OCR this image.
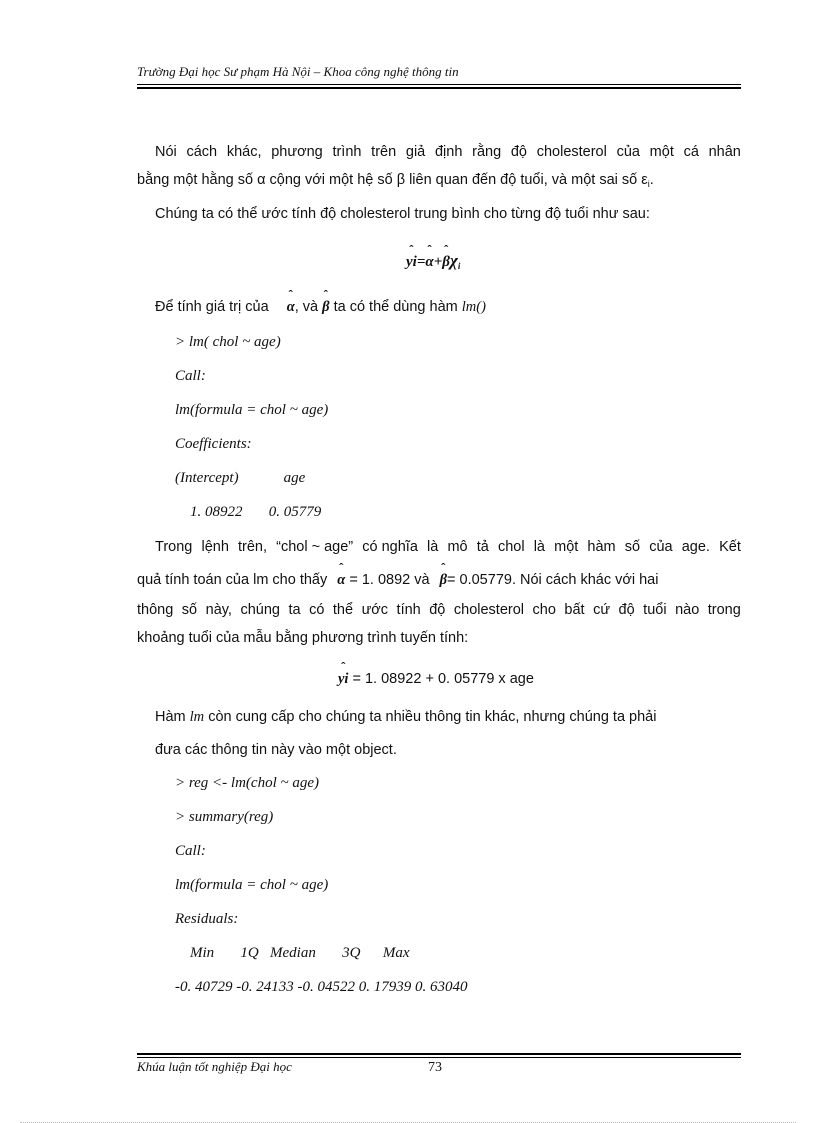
Trường Đại học Sư phạm Hà Nội – Khoa công nghệ thông tin
Nói cách khác, phương trình trên giả định rằng độ cholesterol của một cá nhân
bằng một hằng số α cộng với một hệ số β liên quan đến độ tuổi, và một sai số $\varepsilon_i$.
Chúng ta có thể ước tính độ cholesterol trung bình cho từng độ tuổi như sau:
ˆ yi=ˆ α+ˆ $\beta\chi_i$
Để tính giá trị của ˆ α, và ˆ β ta có thể dùng hàm lm()
> lm( chol ~ age)
Call:
lm(formula = chol ~ age)
Coefficients:
(Intercept)            age
1. 08922       0. 05779
Trong lệnh trên, “chol ~ age” có nghĩa là mô tả chol là một hàm số của age. Kết
quả tính toán của lm cho thấy ˆ α = 1. 0892 và ˆ β= 0.05779. Nói cách khác với hai
thông số này, chúng ta có thể ước tính độ cholesterol cho bất cứ độ tuổi nào trong
khoảng tuổi của mẫu bằng phương trình tuyến tính:
ˆ yi = 1. 08922 + 0. 05779 x age
Hàm lm còn cung cấp cho chúng ta nhiều thông tin khác, nhưng chúng ta phải
đưa các thông tin này vào một object.
> reg <- lm(chol ~ age)
> summary(reg)
Call:
lm(formula = chol ~ age)
Residuals:
Min       1Q   Median       3Q      Max
-0. 40729 -0. 24133 -0. 04522 0. 17939 0. 63040
Khúa luận tốt nghiệp Đại học	73
